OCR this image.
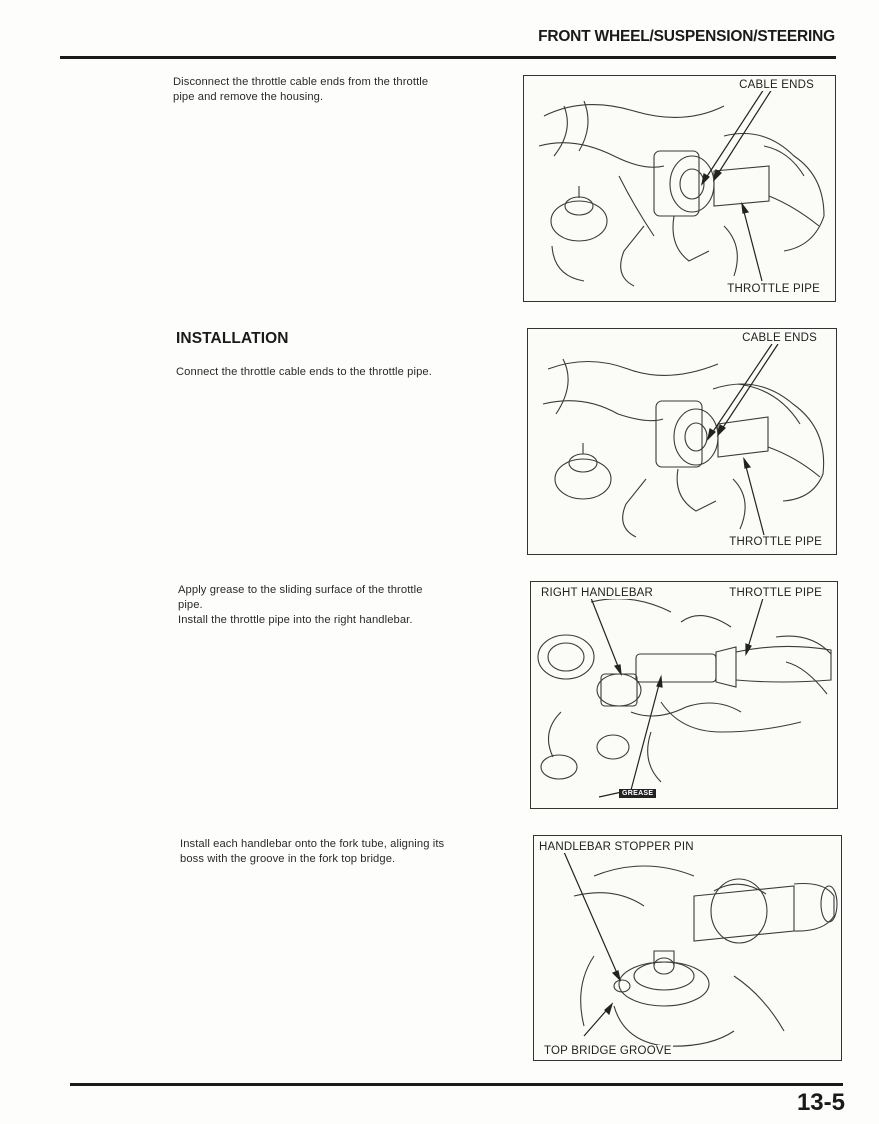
FRONT WHEEL/SUSPENSION/STEERING

Disconnect the throttle cable ends from the throttle

pipe and remove the housing.

CABLE ENDS
THROTTLE PIPE
INSTALLATION

Connect the throttle cable ends to the throttle pipe.

CABLE ENDS
THROTTLE PIPE

Apply grease to the sliding surface of the throttle

pipe.

Install the throttle pipe into the right handlebar.

RIGHT HANDLEBAR	THROTTLE PIPE
GREASE

Install each handlebar onto the fork tube, aligning its

boss with the groove in the fork top bridge.

HANDLEBAR STOPPER PIN
TOP BRIDGE GROOVE
13-5
